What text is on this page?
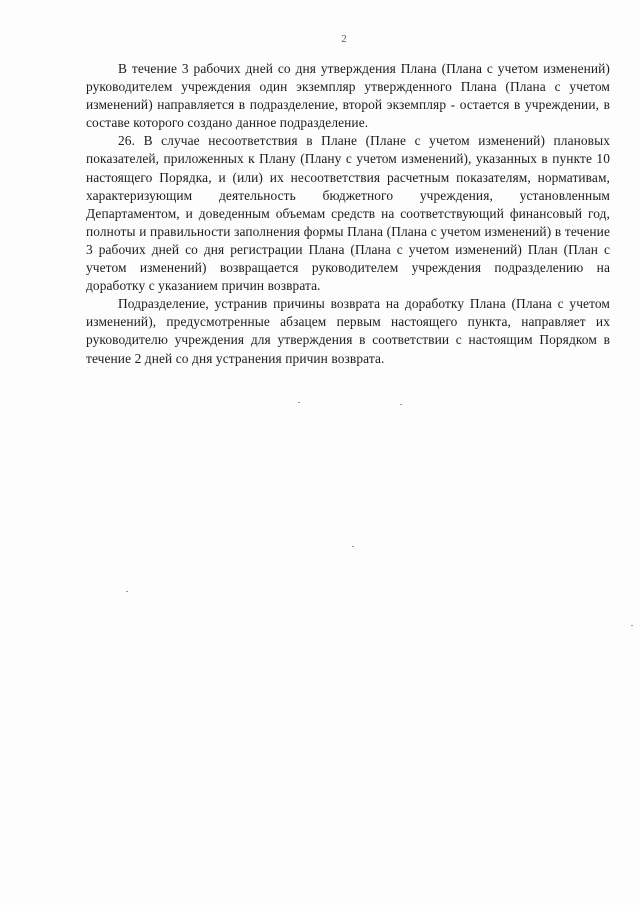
2

В течение 3 рабочих дней со дня утверждения Плана (Плана с учетом изменений) руководителем учреждения один экземпляр утвержденного Плана (Плана с учетом изменений) направляется в подразделение, второй экземпляр - остается в учреждении, в составе которого создано данное подразделение.

26. В случае несоответствия в Плане (Плане с учетом изменений) плановых показателей, приложенных к Плану (Плану с учетом изменений), указанных в пункте 10 настоящего Порядка, и (или) их несоответствия расчетным показателям, нормативам, характеризующим деятельность бюджетного учреждения, установленным Департаментом, и доведенным объемам средств на соответствующий финансовый год, полноты и правильности заполнения формы Плана (Плана с учетом изменений) в течение 3 рабочих дней со дня регистрации Плана (Плана с учетом изменений) План (План с учетом изменений) возвращается руководителем учреждения подразделению на доработку с указанием причин возврата.

Подразделение, устранив причины возврата на доработку Плана (Плана с учетом изменений), предусмотренные абзацем первым настоящего пункта, направляет их руководителю учреждения для утверждения в соответствии с настоящим Порядком в течение 2 дней со дня устранения причин возврата.
